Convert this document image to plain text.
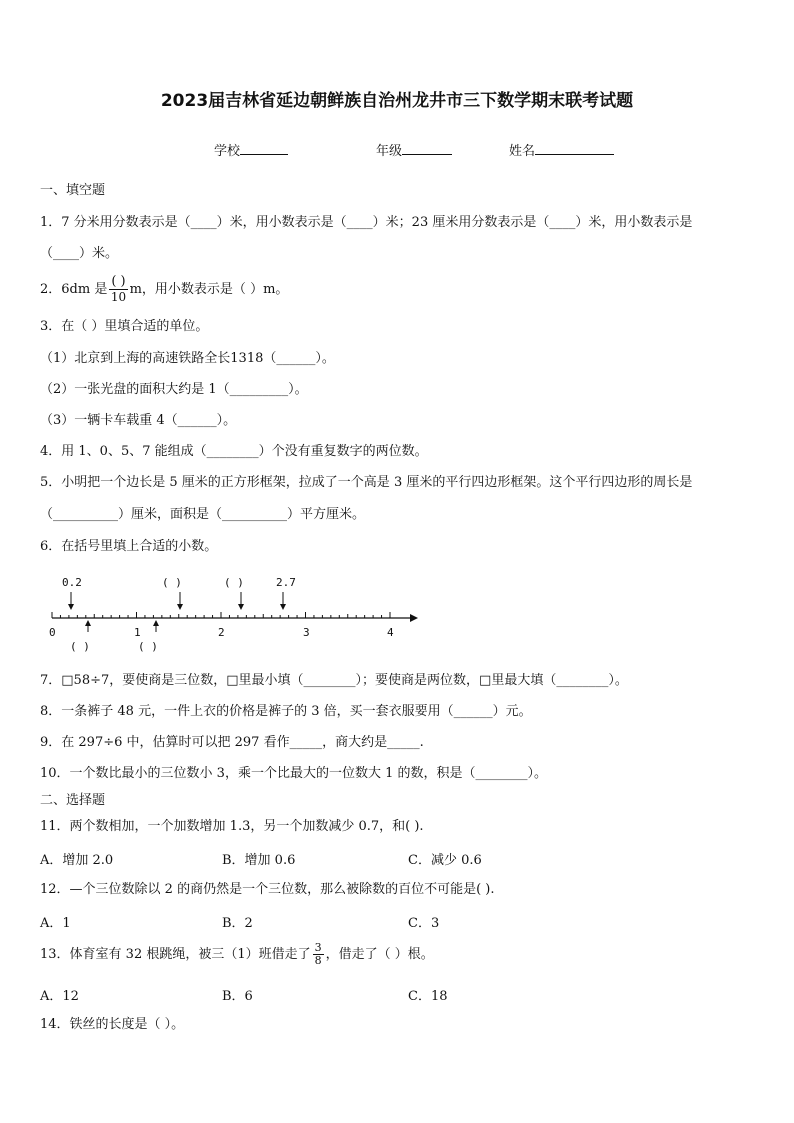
2023届吉林省延边朝鲜族自治州龙井市三下数学期末联考试题
学校	年级	姓名
一、填空题
1．7 分米用分数表示是（____）米，用小数表示是（____）米；23 厘米用分数表示是（____）米，用小数表示是
（____）米。
2．6dm 是 $\frac{( )}{10}$ m，用小数表示是（ ）m。
3．在（ ）里填合适的单位。
（1）北京到上海的高速铁路全长1318（______）。
（2）一张光盘的面积大约是 1（_________）。
（3）一辆卡车载重 4（______）。
4．用 1、0、5、7 能组成（________）个没有重复数字的两位数。
5．小明把一个边长是 5 厘米的正方形框架，拉成了一个高是 3 厘米的平行四边形框架。这个平行四边形的周长是
（__________）厘米，面积是（__________）平方厘米。
6．在括号里填上合适的小数。
0.2	( )	( )	2.7
0	1	2	3	4
( )	( )
7．□58÷7，要使商是三位数，□里最小填（________）；要使商是两位数，□里最大填（________）。
8．一条裤子 48 元，一件上衣的价格是裤子的 3 倍，买一套衣服要用（______）元。
9．在 297÷6 中，估算时可以把 297 看作_____，商大约是_____.
10．一个数比最小的三位数小 3，乘一个比最大的一位数大 1 的数，积是（________）。
二、选择题
11．两个数相加，一个加数增加 1.3，另一个加数减少 0.7，和( ).
A．增加 2.0	B．增加 0.6	C．减少 0.6
12．—个三位数除以 2 的商仍然是一个三位数，那么被除数的百位不可能是( ).
A．1	B．2	C．3
13．体育室有 32 根跳绳，被三（1）班借走了 $\frac{3}{8}$ ，借走了（ ）根。
A．12	B．6	C．18
14．铁丝的长度是（ ）。
